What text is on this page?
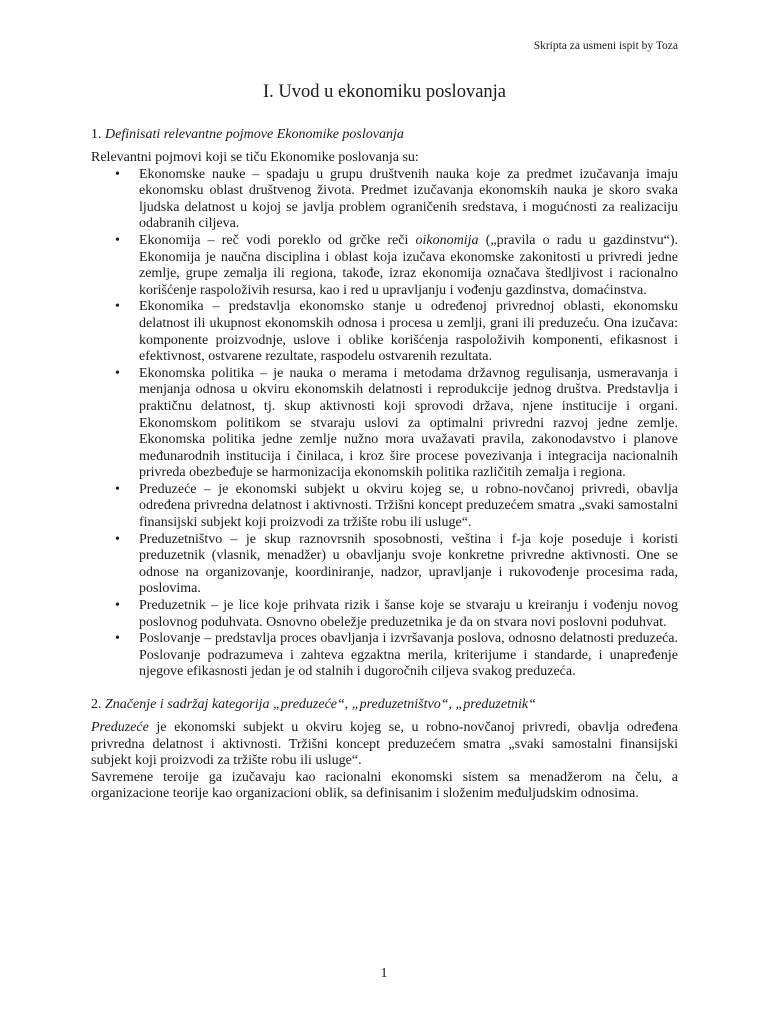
Skripta za usmeni ispit by Toza
I. Uvod u ekonomiku poslovanja
1. Definisati relevantne pojmove Ekonomike poslovanja

Relevantni pojmovi koji se tiču Ekonomike poslovanja su:

• Ekonomske nauke – spadaju u grupu društvenih nauka koje za predmet izučavanja imaju ekonomsku oblast društvenog života. Predmet izučavanja ekonomskih nauka je skoro svaka ljudska delatnost u kojoj se javlja problem ograničenih sredstava, i mogućnosti za realizaciju odabranih ciljeva.
• Ekonomija – reč vodi poreklo od grčke reči oikonomija („pravila o radu u gazdinstvu“). Ekonomija je naučna disciplina i oblast koja izučava ekonomske zakonitosti u privredi jedne zemlje, grupe zemalja ili regiona, takođe, izraz ekonomija označava štedljivost i racionalno korišćenje raspoloživih resursa, kao i red u upravljanju i vođenju gazdinstva, domaćinstva.
• Ekonomika – predstavlja ekonomsko stanje u određenoj privrednoj oblasti, ekonomsku delatnost ili ukupnost ekonomskih odnosa i procesa u zemlji, grani ili preduzeću. Ona izučava: komponente proizvodnje, uslove i oblike korišćenja raspoloživih komponenti, efikasnost i efektivnost, ostvarene rezultate, raspodelu ostvarenih rezultata.
• Ekonomska politika – je nauka o merama i metodama državnog regulisanja, usmeravanja i menjanja odnosa u okviru ekonomskih delatnosti i reprodukcije jednog društva. Predstavlja i praktičnu delatnost, tj. skup aktivnosti koji sprovodi država, njene institucije i organi. Ekonomskom politikom se stvaraju uslovi za optimalni privredni razvoj jedne zemlje. Ekonomska politika jedne zemlje nužno mora uvažavati pravila, zakonodavstvo i planove međunarodnih institucija i činilaca, i kroz šire procese povezivanja i integracija nacionalnih privreda obezbeđuje se harmonizacija ekonomskih politika različitih zemalja i regiona.
• Preduzeće – je ekonomski subjekt u okviru kojeg se, u robno-novčanoj privredi, obavlja određena privredna delatnost i aktivnosti. Tržišni koncept preduzećem smatra „svaki samostalni finansijski subjekt koji proizvodi za tržište robu ili usluge“.
• Preduzetništvo – je skup raznovrsnih sposobnosti, veština i f-ja koje poseduje i koristi preduzetnik (vlasnik, menadžer) u obavljanju svoje konkretne privredne aktivnosti. One se odnose na organizovanje, koordiniranje, nadzor, upravljanje i rukovođenje procesima rada, poslovima.
• Preduzetnik – je lice koje prihvata rizik i šanse koje se stvaraju u kreiranju i vođenju novog poslovnog poduhvata. Osnovno obeležje preduzetnika je da on stvara novi poslovni poduhvat.
• Poslovanje – predstavlja proces obavljanja i izvršavanja poslova, odnosno delatnosti preduzeća. Poslovanje podrazumeva i zahteva egzaktna merila, kriterijume i standarde, i unapređenje njegove efikasnosti jedan je od stalnih i dugoročnih ciljeva svakog preduzeća.
2. Značenje i sadržaj kategorija „preduzeće“, „preduzetništvo“, „preduzetnik“

Preduzeće je ekonomski subjekt u okviru kojeg se, u robno-novčanoj privredi, obavlja određena privredna delatnost i aktivnosti. Tržišni koncept preduzećem smatra „svaki samostalni finansijski subjekt koji proizvodi za tržište robu ili usluge“.

Savremene teroije ga izučavaju kao racionalni ekonomski sistem sa menadžerom na čelu, a organizacione teorije kao organizacioni oblik, sa definisanim i složenim međuljudskim odnosima.

1
